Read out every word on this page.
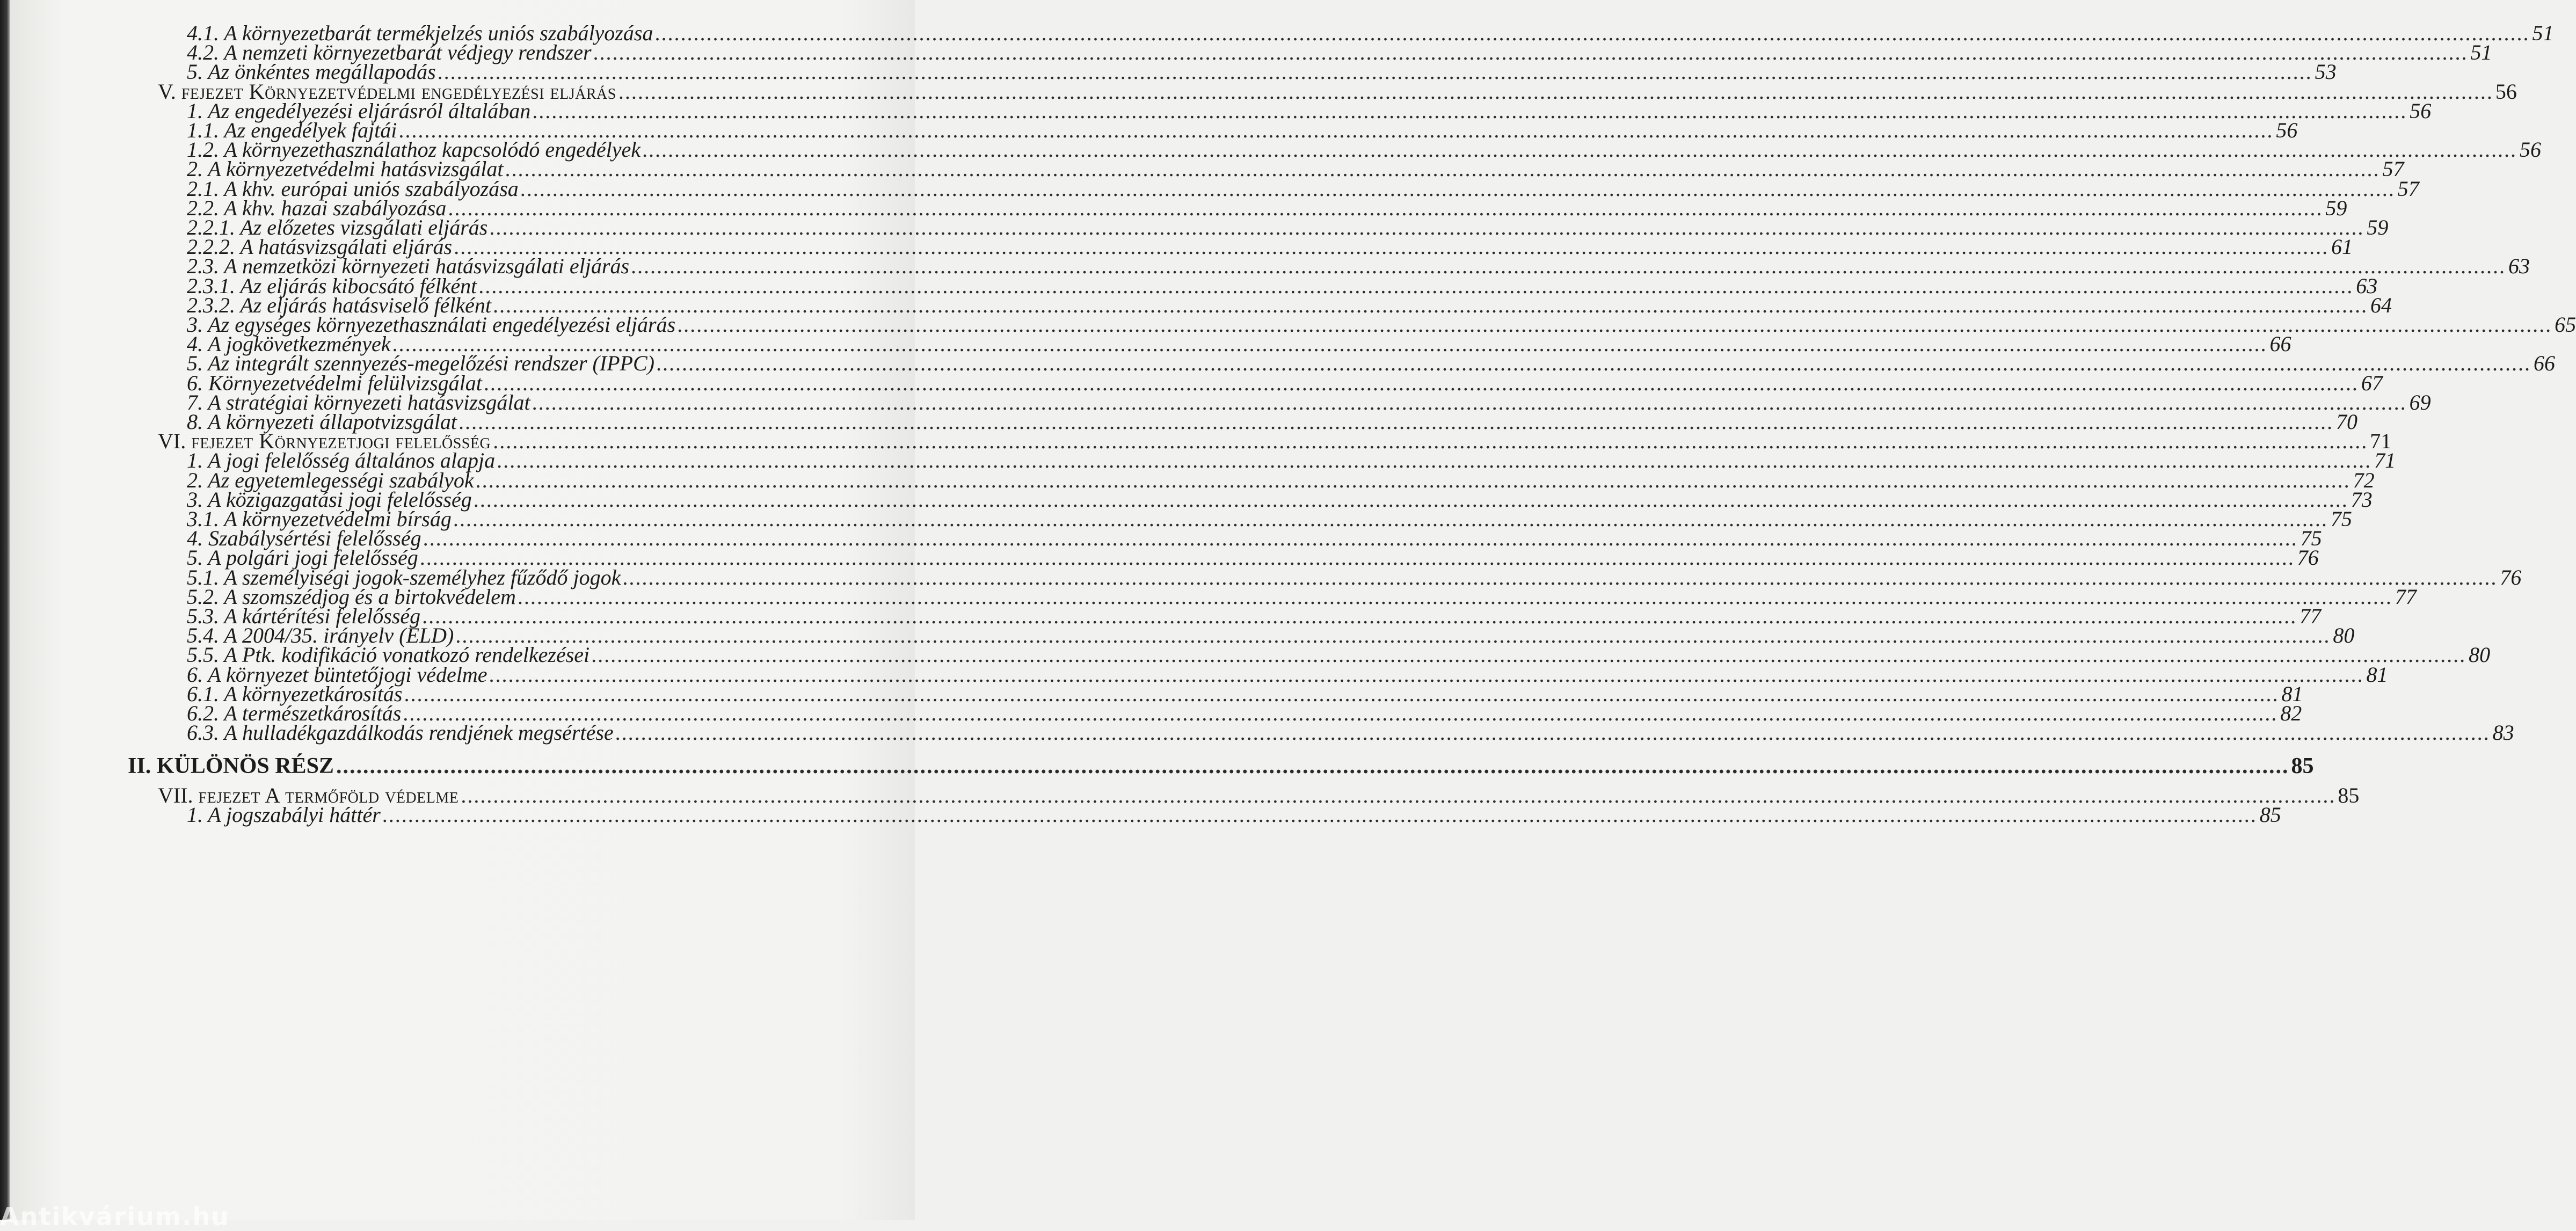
4.1. A környezetbarát termékjelzés uniós szabályozása .....	51
4.2. A nemzeti környezetbarát védjegy rendszer .....	51
5. Az önkéntes megállapodás .....	53
V. fejezet Környezetvédelmi engedélyezési eljárás .....	56
1. Az engedélyezési eljárásról általában .....	56
1.1. Az engedélyek fajtái .....	56
1.2. A környezethasználathoz kapcsolódó engedélyek .....	56
2. A környezetvédelmi hatásvizsgálat .....	57
2.1. A khv. európai uniós szabályozása .....	57
2.2. A khv. hazai szabályozása .....	59
2.2.1. Az előzetes vizsgálati eljárás .....	59
2.2.2. A hatásvizsgálati eljárás .....	61
2.3. A nemzetközi környezeti hatásvizsgálati eljárás .....	63
2.3.1. Az eljárás kibocsátó félként .....	63
2.3.2. Az eljárás hatásviselő félként .....	64
3. Az egységes környezethasználati engedélyezési eljárás .....	65
4. A jogkövetkezmények .....	66
5. Az integrált szennyezés-megelőzési rendszer (IPPC) .....	66
6. Környezetvédelmi felülvizsgálat .....	67
7. A stratégiai környezeti hatásvizsgálat .....	69
8. A környezeti állapotvizsgálat .....	70
VI. fejezet Környezetjogi felelősség .....	71
1. A jogi felelősség általános alapja .....	71
2. Az egyetemlegességi szabályok .....	72
3. A közigazgatási jogi felelősség .....	73
3.1. A környezetvédelmi bírság .....	75
4. Szabálysértési felelősség .....	75
5. A polgári jogi felelősség .....	76
5.1. A személyiségi jogok-személyhez fűződő jogok .....	76
5.2. A szomszédjog és a birtokvédelem .....	77
5.3. A kártérítési felelősség .....	77
5.4. A 2004/35. irányelv (ELD) .....	80
5.5. A Ptk. kodifikáció vonatkozó rendelkezései .....	80
6. A környezet büntetőjogi védelme .....	81
6.1. A környezetkárosítás .....	81
6.2. A természetkárosítás .....	82
6.3. A hulladékgazdálkodás rendjének megsértése .....	83
II. KÜLÖNÖS RÉSZ .....	85
VII. fejezet A termőföld védelme .....	85
1. A jogszabályi háttér .....	85
Antikvárium.hu
